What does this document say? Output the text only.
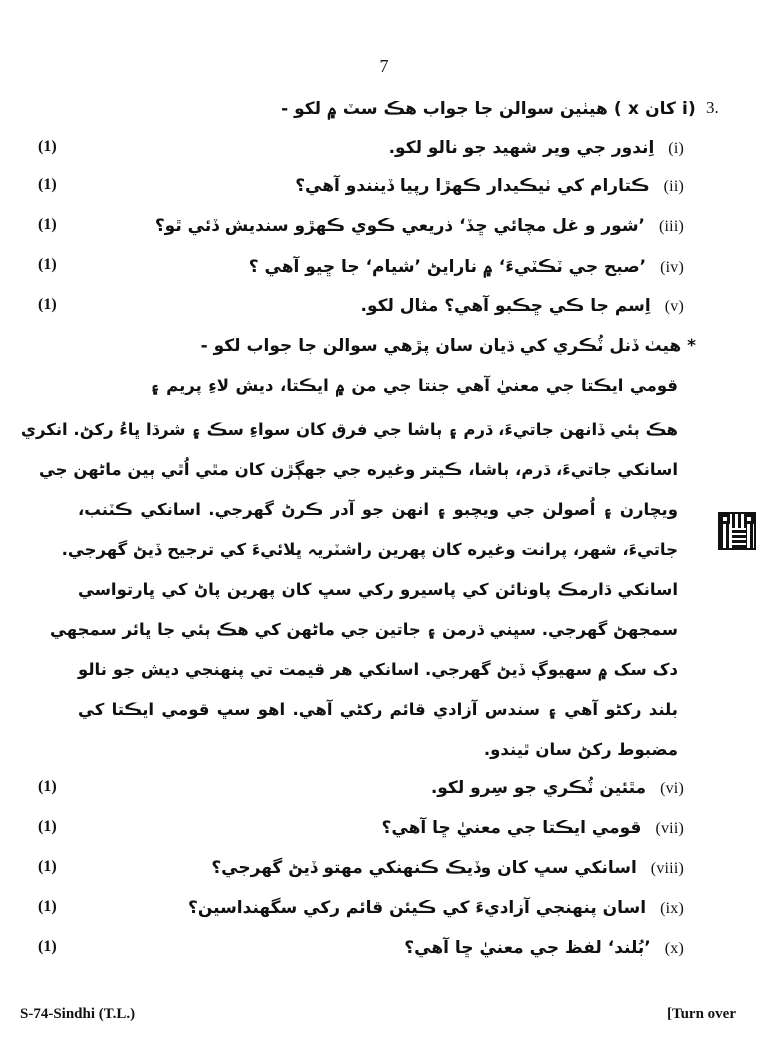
7
3.
(i کان x ) هيٺين سوالن جا جواب هڪ سٽ ۾ لکو -
(i)اِندور جي وير شهيد جو نالو لکو.
(1)
(ii)ڪتارام کي ٺيڪيدار ڪهڙا رپيا ڏينندو آهي؟
(1)
(iii)’شور و غل مچائي ڇڏ‘ ذريعي ڪوي ڪهڙو سنديش ڏئي ٿو؟
(1)
(iv)’صبح جي ٽڪٽيءَ‘ ۾ نارايڻ ’شيام‘ جا ڇيو آهي ؟
(1)
(v)اِسم جا ڪي ڇڪبو آهي؟ مثال لکو.
(1)
* هيٺ ڏنل ٽُڪري کي ڌيان سان پڙهي سوالن جا جواب لکو -
قومي ايڪتا جي معنيٰ آهي جنتا جي من ۾ ايڪتا، ديش لاءِ پريم ۽
هڪ ٻئي ڏانهن جاتيءَ، ڌرم ۽ ٻاشا جي فرق کان سواءِ سڪ ۽ شرڌا ڀاءُ رکڻ. انکري
اسانکي جاتيءَ، ڌرم، ٻاشا، ڪيتر وغيره جي جهڳڙن کان مٿي اُٿي ٻين ماڻهن جي
ويچارن ۽ اُصولن جي ويچبو ۽ انهن جو آدر ڪرڻ گهرجي. اسانکي ڪٽنب،
جاتيءَ، شهر، پرانت وغيره کان پهرين راشٽريہ ڀلائيءَ کي ترجيح ڏيڻ گهرجي.
اسانکي ڌارمڪ پاونائن کي پاسيرو رکي سڀ کان پهرين پاڻ کي ڀارتواسي
سمجهڻ گهرجي. سڀني ڌرمن ۽ جاتين جي ماڻهن کي هڪ ٻئي جا ڀائر سمجهي
دک سک ۾ سهيوڳ ڏيڻ گهرجي. اسانکي هر قيمت تي پنهنجي ديش جو نالو
بلند رکڻو آهي ۽ سندس آزادي قائم رکڻي آهي. اهو سڀ قومي ايڪتا کي
مضبوط رکڻ سان ٿيندو.
(vi)مٿئين ٽُڪري جو سِرو لکو.
(1)
(vii)قومي ايڪتا جي معنيٰ ڇا آهي؟
(1)
(viii)اسانکي سڀ کان وڏيڪ ڪنهنکي مهتو ڏيڻ گهرجي؟
(1)
(ix)اسان پنهنجي آزاديءَ کي ڪيئن قائم رکي سگهنداسين؟
(1)
(x)’بُلند‘ لفظ جي معنيٰ ڇا آهي؟
(1)
S-74-Sindhi (T.L.)	[Turn over
